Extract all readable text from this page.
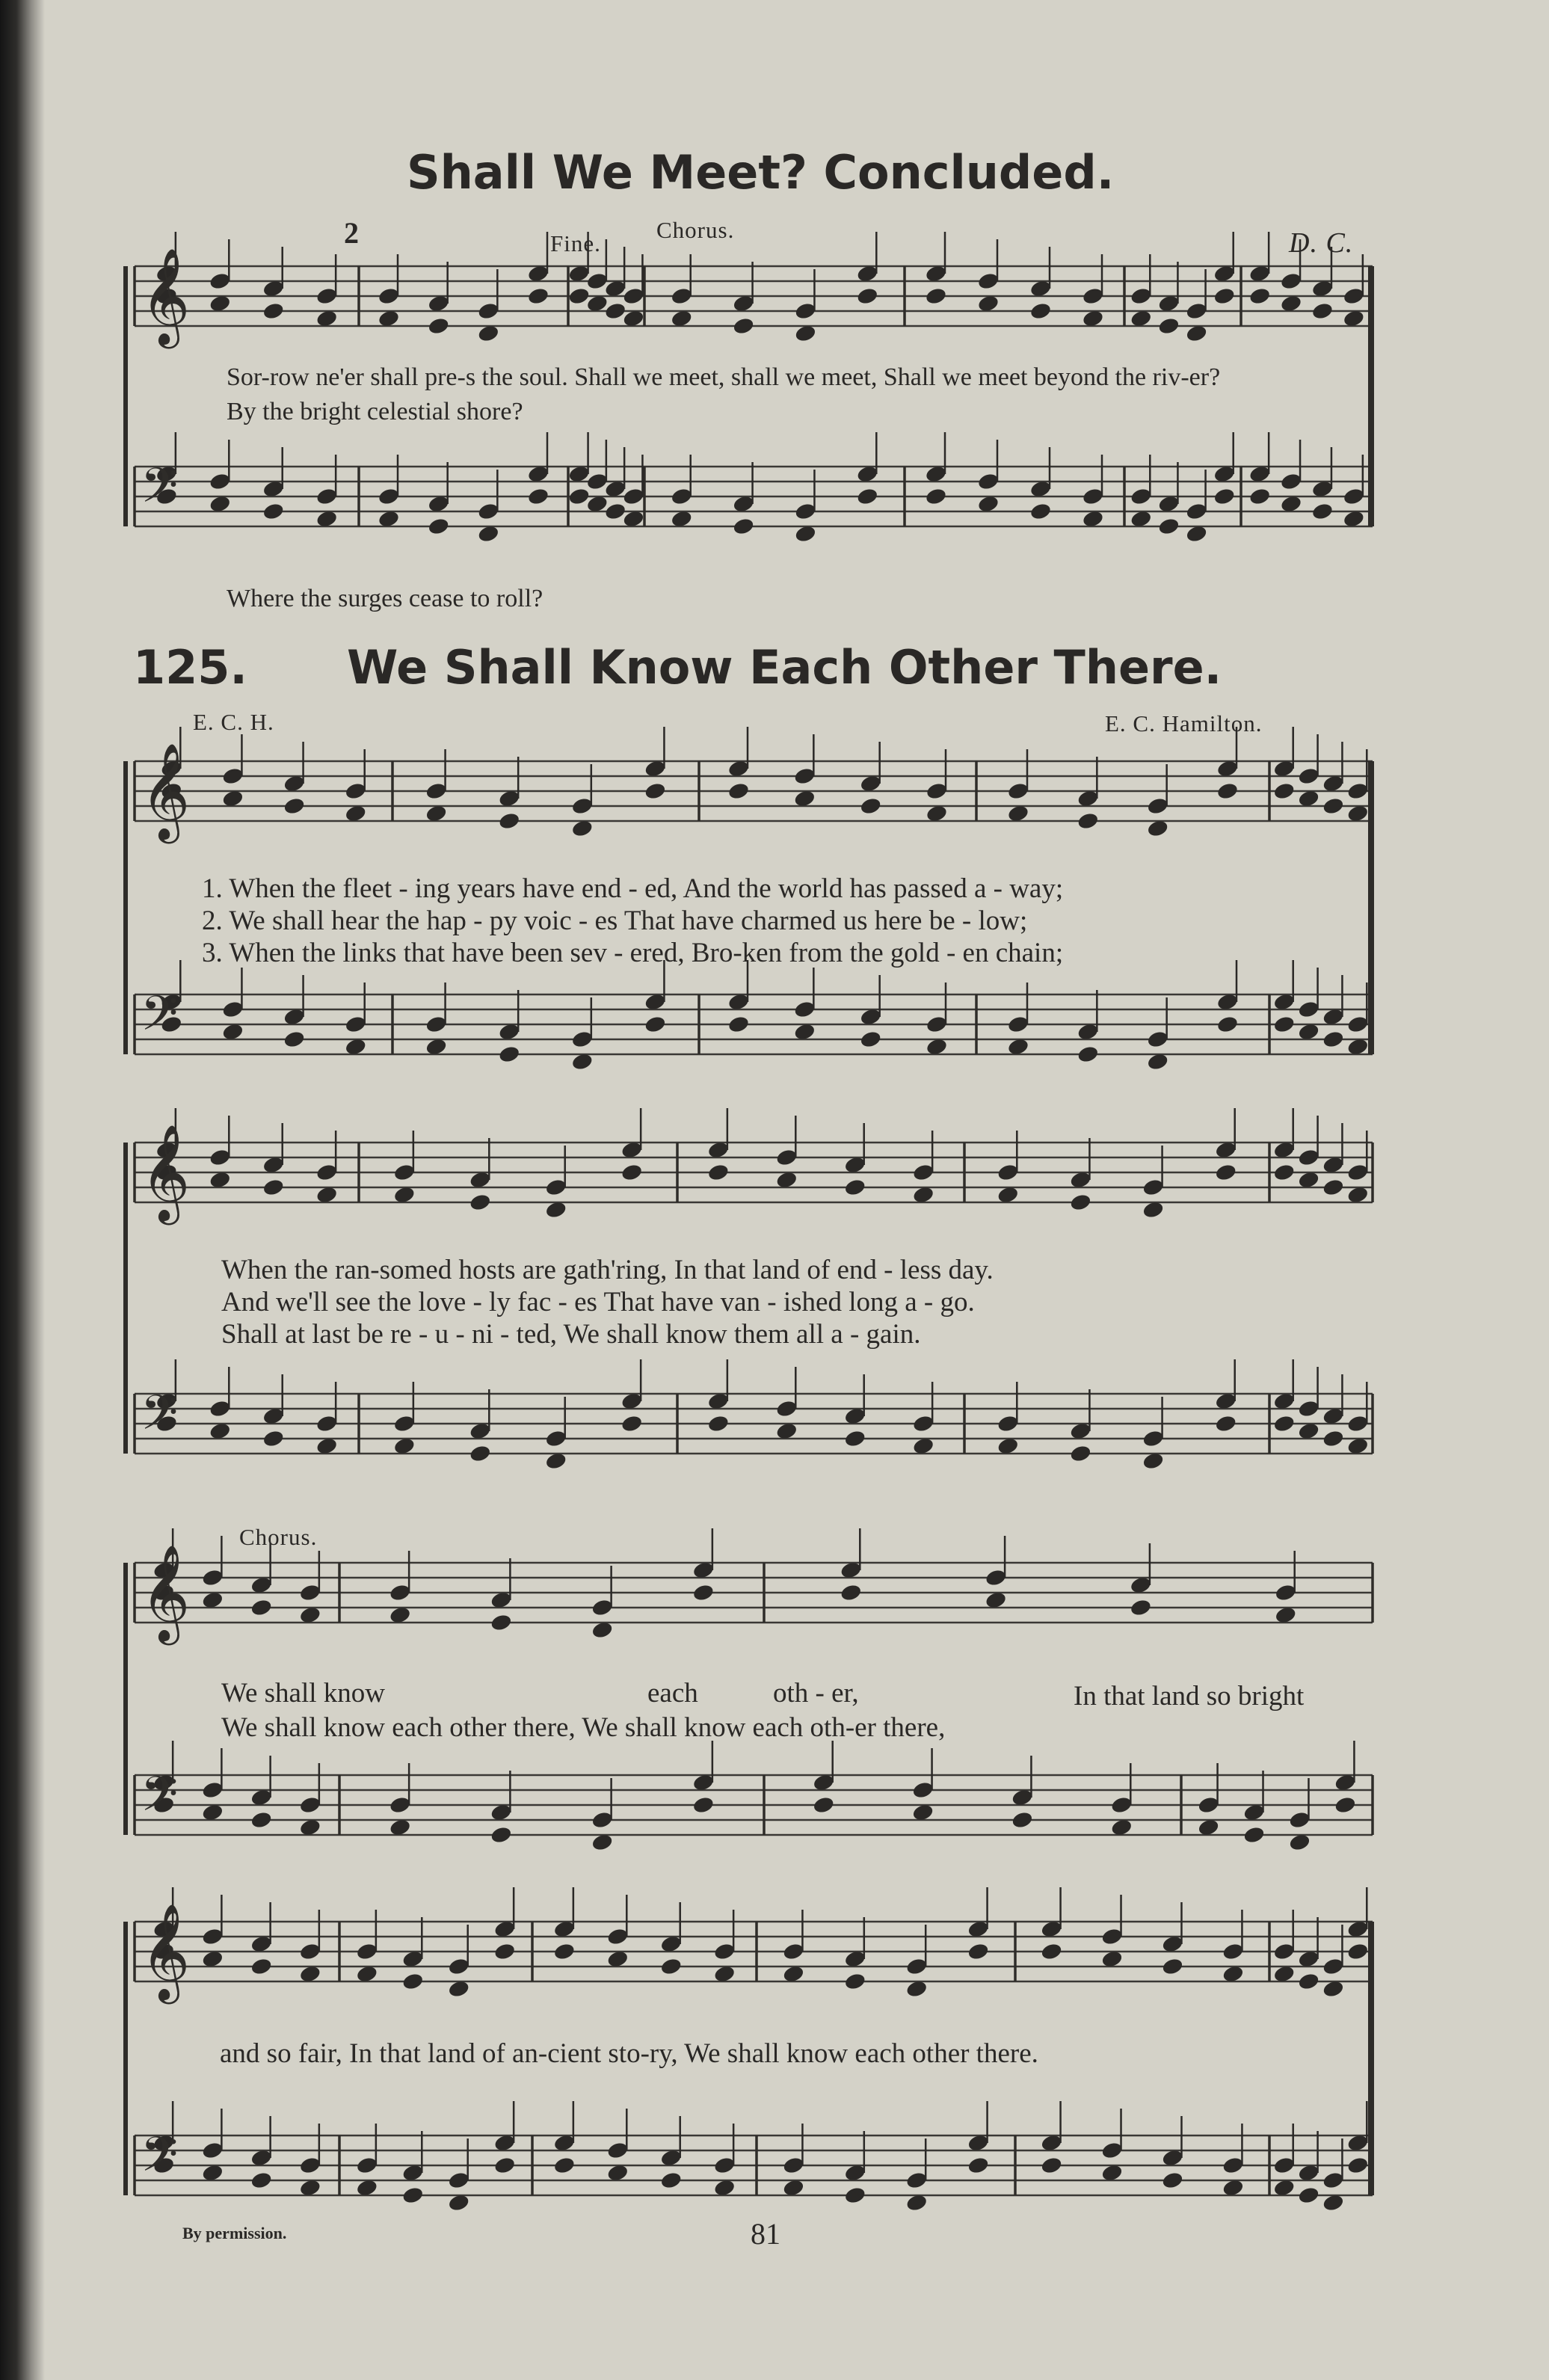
Shall We Meet? Concluded.
2	Fine.
Chorus.	D. C.
Sor-row ne'er shall pre-s the soul. Shall we meet, shall we meet, Shall we meet beyond the riv-er?
By the bright celestial shore?
Where the surges cease to roll?
125. We Shall Know Each Other There.
E. C. H.	E. C. Hamilton.
1. When the fleet - ing years have end - ed, And the world has passed a - way;
2. We shall hear the hap - py voic - es That have charmed us here be - low;
3. When the links that have been sev - ered, Bro-ken from the gold - en chain;
When the ran-somed hosts are gath'ring, In that land of end - less day.
And we'll see the love - ly fac - es That have van - ished long a - go.
Shall at last be re - u - ni - ted, We shall know them all a - gain.
Chorus.
We shall know	each	oth - er,	In that land so bright
We shall know each other there, We shall know each oth-er there,
and so fair, In that land of an-cient sto-ry, We shall know each other there.
By permission.	81
𝄞
𝄢
𝄞
𝄢
𝄞
𝄢
𝄞
𝄢
𝄞
𝄢
